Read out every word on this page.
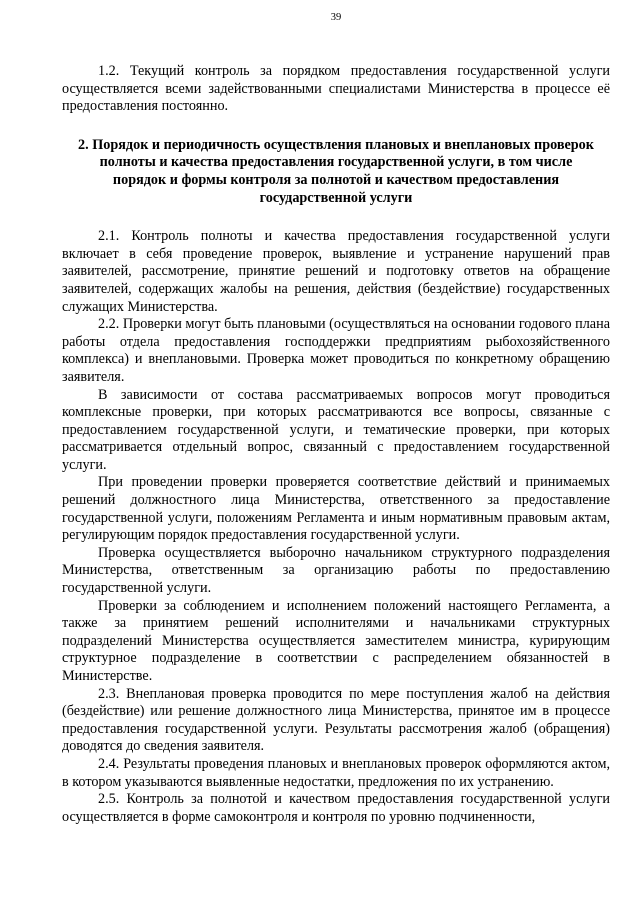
39

1.2. Текущий контроль за порядком предоставления государственной услуги осуществляется всеми задействованными специалистами Министерства в процессе её предоставления постоянно.

2. Порядок и периодичность осуществления плановых и внеплановых проверок полноты и качества предоставления государственной услуги, в том числе порядок и формы контроля за полнотой и качеством предоставления государственной услуги

2.1. Контроль полноты и качества предоставления государственной услуги включает в себя проведение проверок, выявление и устранение нарушений прав заявителей, рассмотрение, принятие решений и подготовку ответов на обращение заявителей, содержащих жалобы на решения, действия (бездействие) государственных служащих Министерства.

2.2. Проверки могут быть плановыми (осуществляться на основании годового плана работы отдела предоставления господдержки предприятиям рыбохозяйственного комплекса) и внеплановыми. Проверка может проводиться по конкретному обращению заявителя.

В зависимости от состава рассматриваемых вопросов могут проводиться комплексные проверки, при которых рассматриваются все вопросы, связанные с предоставлением государственной услуги, и тематические проверки, при которых рассматривается отдельный вопрос, связанный с предоставлением государственной услуги.

При проведении проверки проверяется соответствие действий и принимаемых решений должностного лица Министерства, ответственного за предоставление государственной услуги, положениям Регламента и иным нормативным правовым актам, регулирующим порядок предоставления государственной услуги.

Проверка осуществляется выборочно начальником структурного подразделения Министерства, ответственным за организацию работы по предоставлению государственной услуги.

Проверки за соблюдением и исполнением положений настоящего Регламента, а также за принятием решений исполнителями и начальниками структурных подразделений Министерства осуществляется заместителем министра, курирующим структурное подразделение в соответствии с распределением обязанностей в Министерстве.

2.3. Внеплановая проверка проводится по мере поступления жалоб на действия (бездействие) или решение должностного лица Министерства, принятое им в процессе предоставления государственной услуги. Результаты рассмотрения жалоб (обращения) доводятся до сведения заявителя.

2.4. Результаты проведения плановых и внеплановых проверок оформляются актом, в котором указываются выявленные недостатки, предложения по их устранению.

2.5. Контроль за полнотой и качеством предоставления государственной услуги осуществляется в форме самоконтроля и контроля по уровню подчиненности,
